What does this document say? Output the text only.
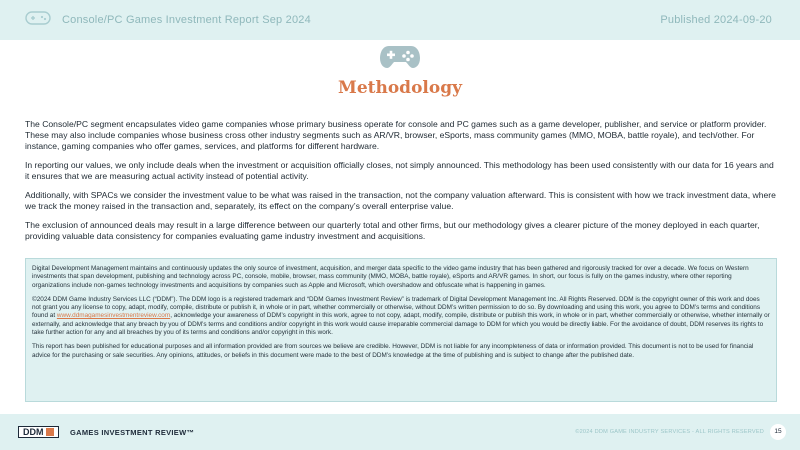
Console/PC Games Investment Report Sep 2024	Published 2024-09-20
Methodology

The Console/PC segment encapsulates video game companies whose primary business operate for console and PC games such as a game developer, publisher, and service or platform provider. These may also include companies whose business cross other industry segments such as AR/VR, browser, eSports, mass community games (MMO, MOBA, battle royale), and tech/other. For instance, gaming companies who offer games, services, and platforms for different hardware.

In reporting our values, we only include deals when the investment or acquisition officially closes, not simply announced. This methodology has been used consistently with our data for 16 years and it ensures that we are measuring actual activity instead of potential activity.

Additionally, with SPACs we consider the investment value to be what was raised in the transaction, not the company valuation afterward. This is consistent with how we track investment data, where we track the money raised in the transaction and, separately, its effect on the company’s overall enterprise value.

The exclusion of announced deals may result in a large difference between our quarterly total and other firms, but our methodology gives a clearer picture of the money deployed in each quarter, providing valuable data consistency for companies evaluating game industry investment and acquisitions.

Digital Development Management maintains and continuously updates the only source of investment, acquisition, and merger data specific to the video game industry that has been gathered and rigorously tracked for over a decade. We focus on Western investments that span development, publishing and technology across PC, console, mobile, browser, mass community (MMO, MOBA, battle royale), eSports and AR/VR games. In short, our focus is fully on the games industry, where other reporting organizations include non-games technology investments and acquisitions by companies such as Apple and Microsoft, which overshadow and obfuscate what is happening in games.

©2024 DDM Game Industry Services LLC (“DDM”). The DDM logo is a registered trademark and “DDM Games Investment Review” is trademark of Digital Development Management Inc. All Rights Reserved. DDM is the copyright owner of this work and does not grant you any license to copy, adapt, modify, compile, distribute or publish it, in whole or in part, whether commercially or otherwise, without DDM’s written permission to do so. By downloading and using this work, you agree to DDM’s terms and conditions found at www.ddmagamesinvestmentreview.com, acknowledge your awareness of DDM’s copyright in this work, agree to not copy, adapt, modify, compile, distribute or publish this work, in whole or in part, whether commercially or otherwise, whether internally or externally, and acknowledge that any breach by you of DDM’s terms and conditions and/or copyright in this work would cause irreparable commercial damage to DDM for which you would be directly liable. For the avoidance of doubt, DDM reserves its rights to take further action for any and all breaches by you of its terms and conditions and/or copyright in this work.

This report has been published for educational purposes and all information provided are from sources we believe are credible. However, DDM is not liable for any incompleteness of data or information provided. This document is not to be used for financial advice for the purchasing or sale securities. Any opinions, attitudes, or beliefs in this document were made to the best of DDM’s knowledge at the time of publishing and is subject to change after the published date.

DDM	GAMES INVESTMENT REVIEW™	©2024 DDM GAME INDUSTRY SERVICES - ALL RIGHTS RESERVED	15
